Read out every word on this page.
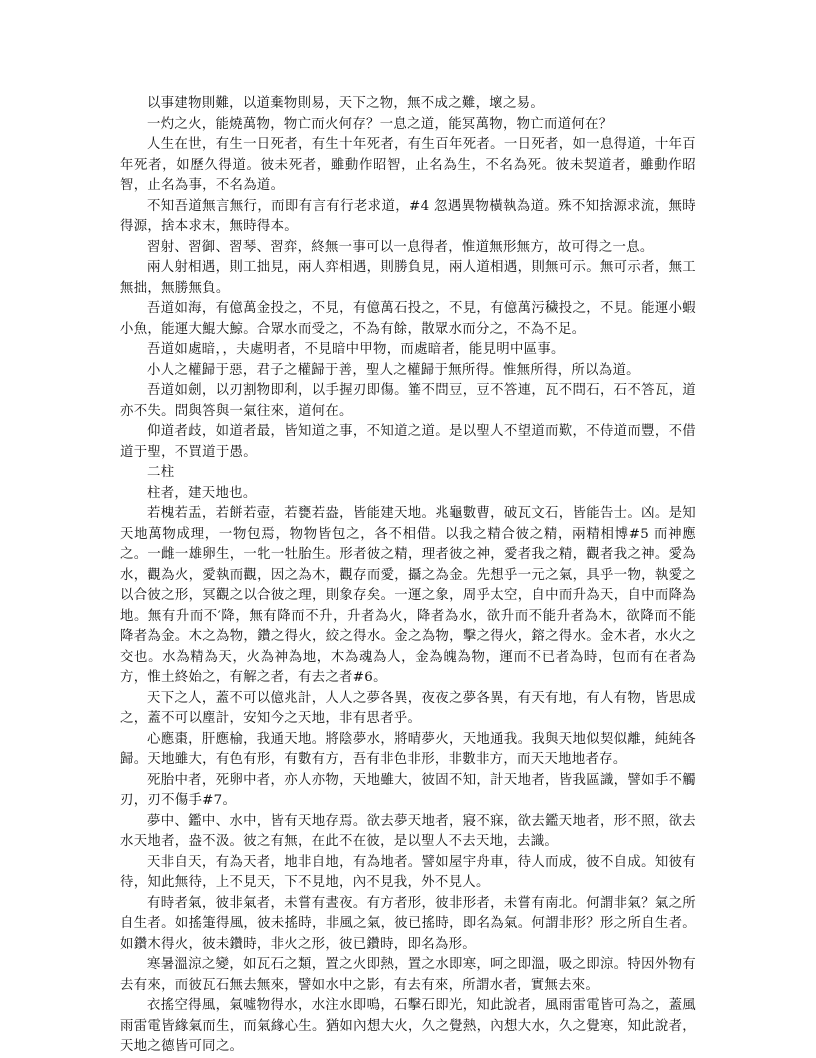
以事建物則難，以道棄物則易，天下之物，無不成之難，壞之易。

一灼之火，能燒萬物，物亡而火何存？一息之道，能冥萬物，物亡而道何在？

人生在世，有生一日死者，有生十年死者，有生百年死者。一日死者，如一息得道，十年百年死者，如歷久得道。彼未死者，雖動作昭智，止名為生，不名為死。彼未契道者，雖動作昭智，止名為事，不名為道。

不知吾道無言無行，而即有言有行老求道，#4 忽遇異物橫執為道。殊不知捨源求流，無時得源，捨本求末，無時得本。

習射、習御、習琴、習弈，終無一事可以一息得者，惟道無形無方，故可得之一息。

兩人射相遇，則工拙見，兩人弈相遇，則勝負見，兩人道相遇，則無可示。無可示者，無工無拙，無勝無負。

吾道如海，有億萬金投之，不見，有億萬石投之，不見，有億萬污穢投之，不見。能運小蝦小魚，能運大鯤大鯨。合眾水而受之，不為有餘，散眾水而分之，不為不足。

吾道如處暗，，夫處明者，不見暗中甲物，而處暗者，能見明中區事。

小人之權歸于惡，君子之權歸于善，聖人之權歸于無所得。惟無所得，所以為道。

吾道如劍，以刃割物即利，以手握刃即傷。箠不問豆，豆不答連，瓦不問石，石不答瓦，道亦不失。問與答與一氣往來，道何在。

仰道者歧，如道者最，皆知道之事，不知道之道。是以聖人不望道而歎，不侍道而豐，不借道于聖，不買道于愚。

二柱

柱者，建天地也。

若槐若盂，若餅若壺，若甕若盎，皆能建天地。兆龜數曹，破瓦文石，皆能告士。凶。是知天地萬物成理，一物包焉，物物皆包之，各不相借。以我之精合彼之精，兩精相博#5 而神應之。一雌一雄卵生，一牝一牡胎生。形者彼之精，理者彼之神，愛者我之精，觀者我之神。愛為水，觀為火，愛執而觀，因之為木，觀存而愛，攝之為金。先想乎一元之氣，具乎一物，執愛之以合彼之形，冥觀之以合彼之理，則象存矣。一運之象，周乎太空，自中而升為天，自中而降為地。無有升而不′降，無有降而不升，升者為火，降者為水，欲升而不能升者為木，欲降而不能降者為金。木之為物，鑽之得火，絞之得水。金之為物，擊之得火，鎔之得水。金木者，水火之交也。水為精為天，火為神為地，木為魂為人，金為魄為物，運而不已者為時，包而有在者為方，惟土終始之，有解之者，有去之者#6。

天下之人，蓋不可以億兆計，人人之夢各異，夜夜之夢各異，有天有地，有人有物，皆思成之，蓋不可以塵計，安知今之天地，非有思者乎。

心應棗，肝應榆，我通天地。將陰夢水，將晴夢火，天地通我。我與天地似契似離，純純各歸。天地雖大，有色有形，有數有方，吾有非色非形，非數非方，而天天地地者存。

死胎中者，死卵中者，亦人亦物，天地雖大，彼固不知，計天地者，皆我區識，譬如手不觸刃，刃不傷手#7。

夢中、鑑中、水中，皆有天地存焉。欲去夢天地者，寢不寐，欲去鑑天地者，形不照，欲去水天地者，盎不汲。彼之有無，在此不在彼，是以聖人不去天地，去識。

天非自天，有為天者，地非自地，有為地者。譬如屋宇舟車，待人而成，彼不自成。知彼有待，知此無待，上不見天，下不見地，內不見我，外不見人。

有時者氣，彼非氣者，未嘗有晝夜。有方者形，彼非形者，未嘗有南北。何謂非氣？氣之所自生者。如搖箑得風，彼未搖時，非風之氣，彼已搖時，即名為氣。何謂非形？形之所自生者。如鑽木得火，彼未鑽時，非火之形，彼已鑽時，即名為形。

寒暑溫涼之變，如瓦石之類，置之火即熱，置之水即寒，呵之即溫，吸之即涼。特因外物有去有來，而彼瓦石無去無來，譬如水中之影，有去有來，所謂水者，實無去來。

衣搖空得風，氣噓物得水，水注水即鳴，石擊石即光，知此說者，風雨雷電皆可為之，蓋風雨雷電皆緣氣而生，而氣緣心生。猶如內想大火，久之覺熱，內想大水，久之覺寒，知此說者，天地之德皆可同之。
